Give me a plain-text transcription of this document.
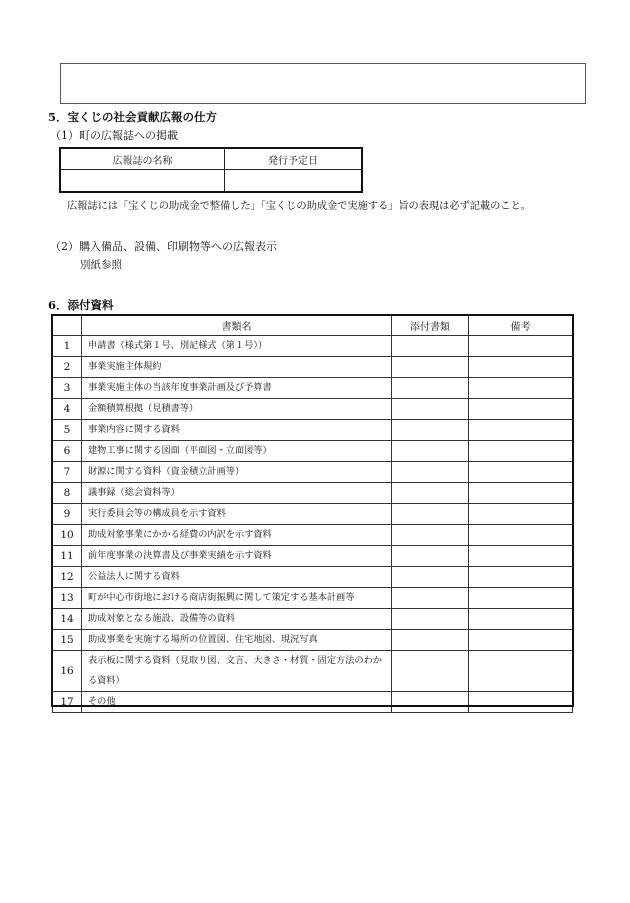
5．宝くじの社会貢献広報の仕方
（1）町の広報誌への掲載
広報誌の名称	発行予定日

広報誌には「宝くじの助成金で整備した」「宝くじの助成金で実施する」旨の表現は必ず記載のこと。
（2）購入備品、設備、印刷物等への広報表示
別紙参照
6．添付資料
	書類名	添付書類	備考
1	申請書（様式第１号、別記様式（第１号））		
2	事業実施主体規約		
3	事業実施主体の当該年度事業計画及び予算書		
4	金額積算根拠（見積書等）		
5	事業内容に関する資料		
6	建物工事に関する図面（平面図・立面図等）		
7	財源に関する資料（資金積立計画等）		
8	議事録（総会資料等）		
9	実行委員会等の構成員を示す資料		
10	助成対象事業にかかる経費の内訳を示す資料		
11	前年度事業の決算書及び事業実績を示す資料		
12	公益法人に関する資料		
13	町が中心市街地における商店街振興に関して策定する基本計画等		
14	助成対象となる施設、設備等の資料		
15	助成事業を実施する場所の位置図、住宅地図、現況写真		
16	表示板に関する資料（見取り図、文言、大きさ・材質・固定方法のわかる資料）		
17	その他		
